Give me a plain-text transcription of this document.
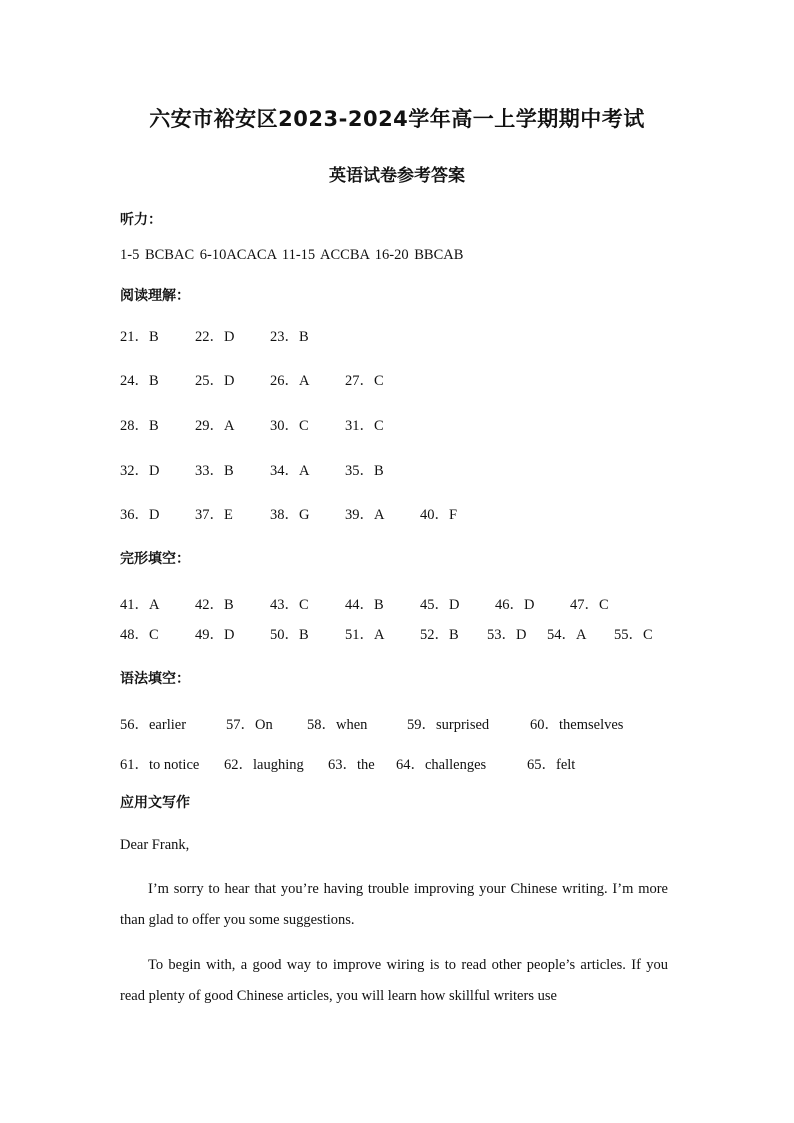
六安市裕安区2023-2024学年高一上学期期中考试
英语试卷参考答案
听力：
1-5 BCBAC 6-10ACACA 11-15 ACCBA 16-20 BBCAB
阅读理解：
21．B	22．D 23．B
24．B	25．D 26．A 27．C
28．B	29．A 30．C	31．C
32．D 33．B	34．A 35．B
36．D 37．E	38．G 39．A 40．F
完形填空：
41．A 42．B	43．C	44．B	45．D 46．D 47．C
48．C	49．D 50．B	51．A 52．B 53．D 54．A 55．C
语法填空：
56．earlier	57．On 58．when	59．surprised	60．themselves
61．to notice 62．laughing 63．the 64．challenges	65．felt
应用文写作
Dear Frank,

I’m sorry to hear that you’re having trouble improving your Chinese writing. I’m more than glad to offer you some suggestions.

To begin with, a good way to improve wiring is to read other people’s articles. If you read plenty of good Chinese articles, you will learn how skillful writers use
